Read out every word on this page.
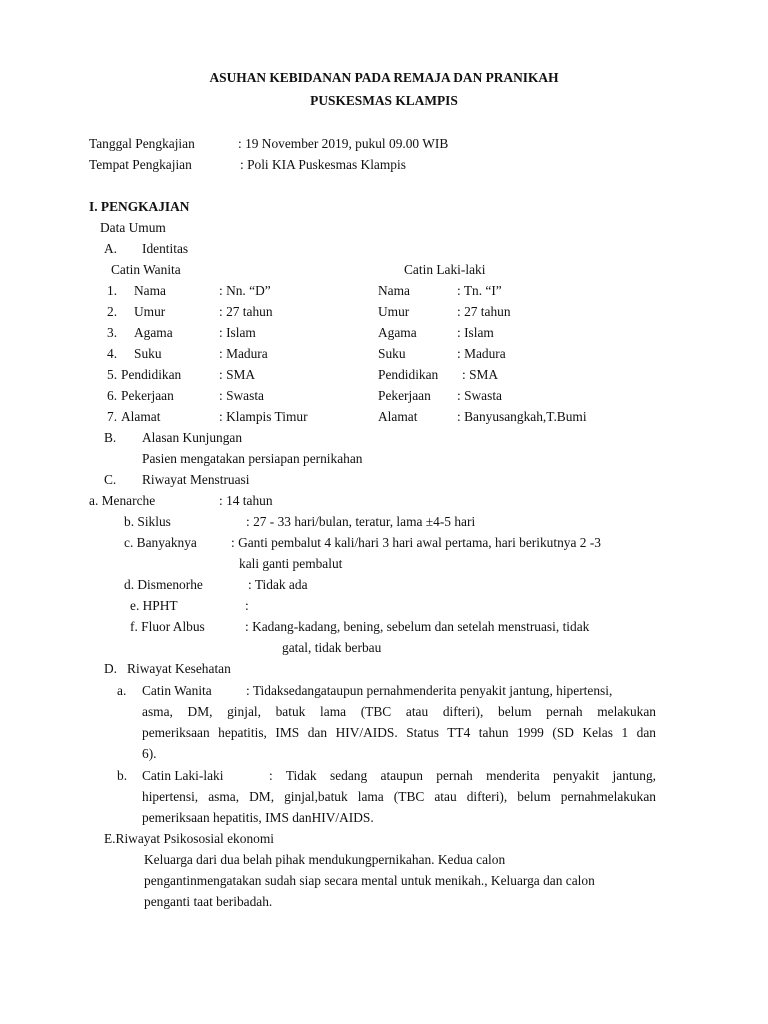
ASUHAN KEBIDANAN PADA REMAJA DAN PRANIKAH
PUSKESMAS KLAMPIS
Tanggal Pengkajian	: 19 November 2019, pukul 09.00 WIB
Tempat Pengkajian	: Poli KIA Puskesmas Klampis
I. PENGKAJIAN
Data Umum
A. Identitas
Catin Wanita	Catin Laki-laki
1. Nama	: Nn. “D”
2. Umur	: 27 tahun
3. Agama	: Islam
4. Suku	: Madura
5. Pendidikan	: SMA
6. Pekerjaan	: Swasta
7. Alamat	: Klampis Timur
Nama	: Tn. “I”
Umur	: 27 tahun
Agama	: Islam
Suku	: Madura
Pendidikan : SMA
Pekerjaan : Swasta
Alamat	: Banyusangkah,T.Bumi
B. Alasan Kunjungan
Pasien mengatakan persiapan pernikahan
C. Riwayat Menstruasi
a. Menarche	: 14 tahun
b. Siklus	: 27 - 33 hari/bulan, teratur, lama ±4-5 hari
c. Banyaknya	: Ganti pembalut 4 kali/hari 3 hari awal pertama, hari berikutnya 2 -3
kali ganti pembalut
d. Dismenorhe	: Tidak ada
e. HPHT	:
f. Fluor Albus	: Kadang-kadang, bening, sebelum dan setelah menstruasi, tidak
gatal, tidak berbau
D.   Riwayat Kesehatan
a. Catin Wanita	: Tidaksedangataupun pernahmenderita penyakit jantung, hipertensi,
asma, DM, ginjal, batuk lama (TBC atau difteri), belum pernah melakukan
pemeriksaan hepatitis, IMS dan HIV/AIDS. Status TT4 tahun 1999 (SD Kelas 1 dan
6).
b. Catin Laki-laki	: Tidak sedang ataupun pernah menderita penyakit jantung,
hipertensi, asma, DM, ginjal,batuk lama (TBC atau difteri), belum pernahmelakukan
pemeriksaan hepatitis, IMS danHIV/AIDS.
E.Riwayat Psikososial ekonomi
Keluarga dari dua belah pihak mendukungpernikahan. Kedua calon
pengantinmengatakan sudah siap secara mental untuk menikah., Keluarga dan calon
penganti taat beribadah.
